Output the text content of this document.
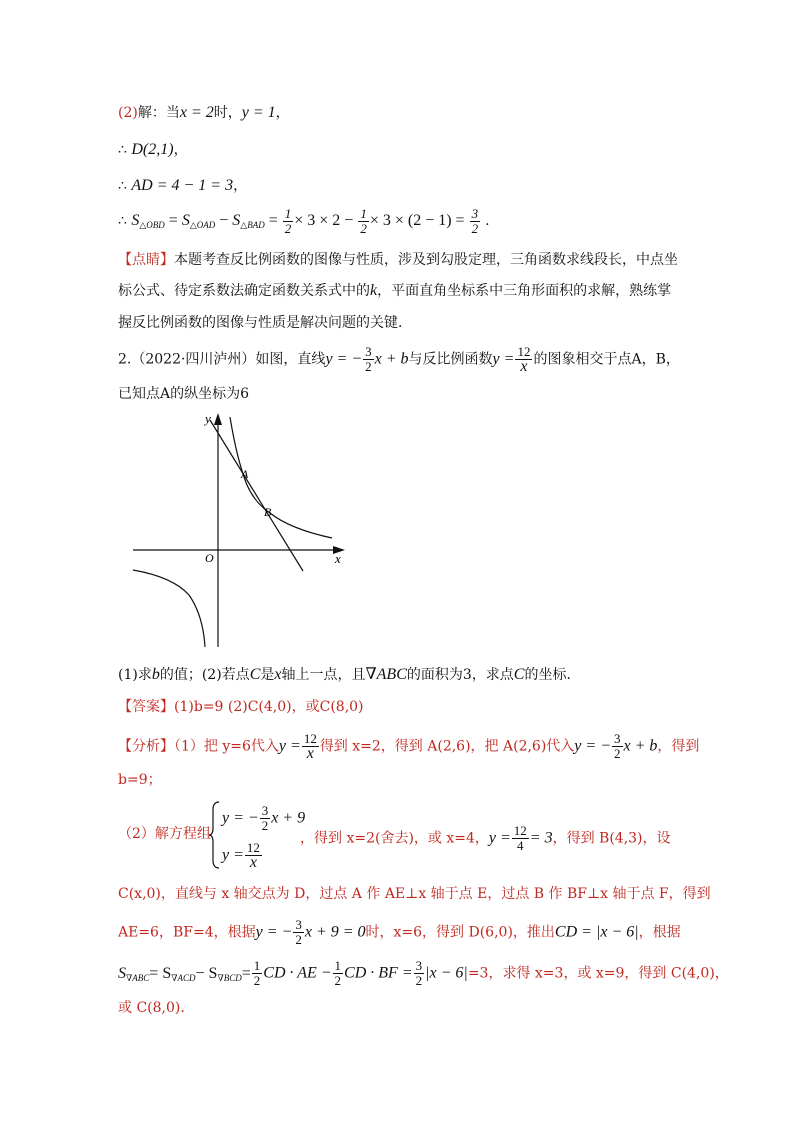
(2)解：当x = 2时，y = 1，
∴ D(2,1)，
∴ AD = 4 − 1 = 3，
∴ $S_{\triangle OBD} = S_{\triangle OAD} - S_{\triangle BAD} = \frac{1}{2} \times 3 \times 2 - \frac{1}{2} \times 3 \times (2 - 1) = \frac{3}{2}$ .
【点睛】本题考查反比例函数的图像与性质，涉及到勾股定理，三角函数求线段长，中点坐
标公式、待定系数法确定函数关系式中的k，平面直角坐标系中三角形面积的求解，熟练掌
握反比例函数的图像与性质是解决问题的关键．
2.（2022·四川泸州）如图，直线y = − $\frac{3}{2}$ x + b与反比例函数$y = \frac{12}{x}$ 的图象相交于点A，B，
已知点A的纵坐标为6
y
x
O
A
B
(1)求b的值；(2)若点C是x轴上一点，且∇ABC的面积为3，求点C的坐标．
【答案】(1)b=9 (2)C(4,0)，或C(8,0)
【分析】（1）把 y=6代入$y = \frac{12}{x}$ 得到 x=2，得到 A(2,6)，把 A(2,6)代入y = − $\frac{3}{2}$ x + b，得到
b=9；
（2）解方程组
y = − $\frac{3}{2}$ x + 9
$y = \frac{12}{x}$
，得到 x=2(舍去)，或 x=4，$y = \frac{12}{4} = 3$，得到 B(4,3)，设
C(x,0)，直线与 x 轴交点为 D，过点 A 作 AE⊥x 轴于点 E，过点 B 作 BF⊥x 轴于点 F，得到
AE=6，BF=4，根据y = − $\frac{3}{2}$ x + 9 = 0时，x=6，得到 D(6,0)，推出CD = |x − 6|，根据
$S_{\nabla ABC}= S_{\nabla ACD}- S_{\nabla BCD}= \frac{1}{2}$ CD · AE − $\frac{1}{2}$ CD · BF = $\frac{3}{2} |x - 6|=3$，求得 x=3，或 x=9，得到 C(4,0)，
或 C(8,0)．
